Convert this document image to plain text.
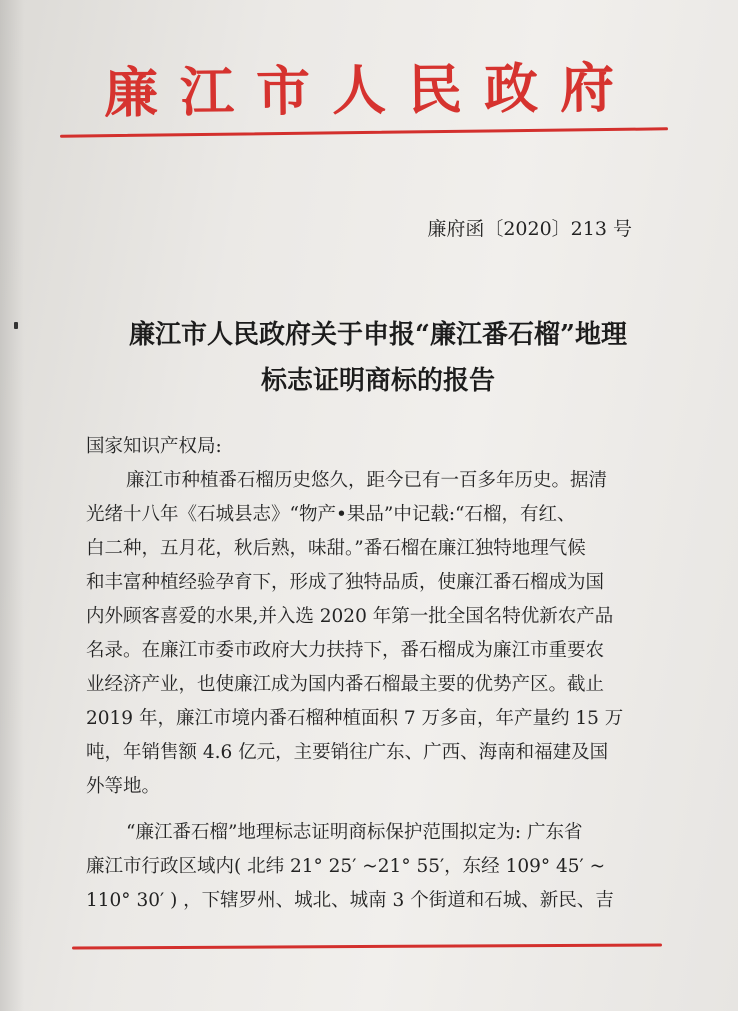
廉江市人民政府
廉府函〔2020〕213 号
廉江市人民政府关于申报“廉江番石榴”地理
标志证明商标的报告
国家知识产权局:
廉江市种植番石榴历史悠久，距今已有一百多年历史。据清
光绪十八年《石城县志》“物产•果品”中记载:“石榴，有红、
白二种，五月花，秋后熟，味甜。”番石榴在廉江独特地理气候
和丰富种植经验孕育下，形成了独特品质，使廉江番石榴成为国
内外顾客喜爱的水果,并入选 2020 年第一批全国名特优新农产品
名录。在廉江市委市政府大力扶持下，番石榴成为廉江市重要农
业经济产业，也使廉江成为国内番石榴最主要的优势产区。截止
2019 年，廉江市境内番石榴种植面积 7 万多亩，年产量约 15 万
吨，年销售额 4.6 亿元，主要销往广东、广西、海南和福建及国
外等地。
“廉江番石榴”地理标志证明商标保护范围拟定为: 广东省
廉江市行政区域内( 北纬 21° 25′ ~21° 55′，东经 109° 45′ ~
110° 30′ ) ，下辖罗州、城北、城南 3 个街道和石城、新民、吉
